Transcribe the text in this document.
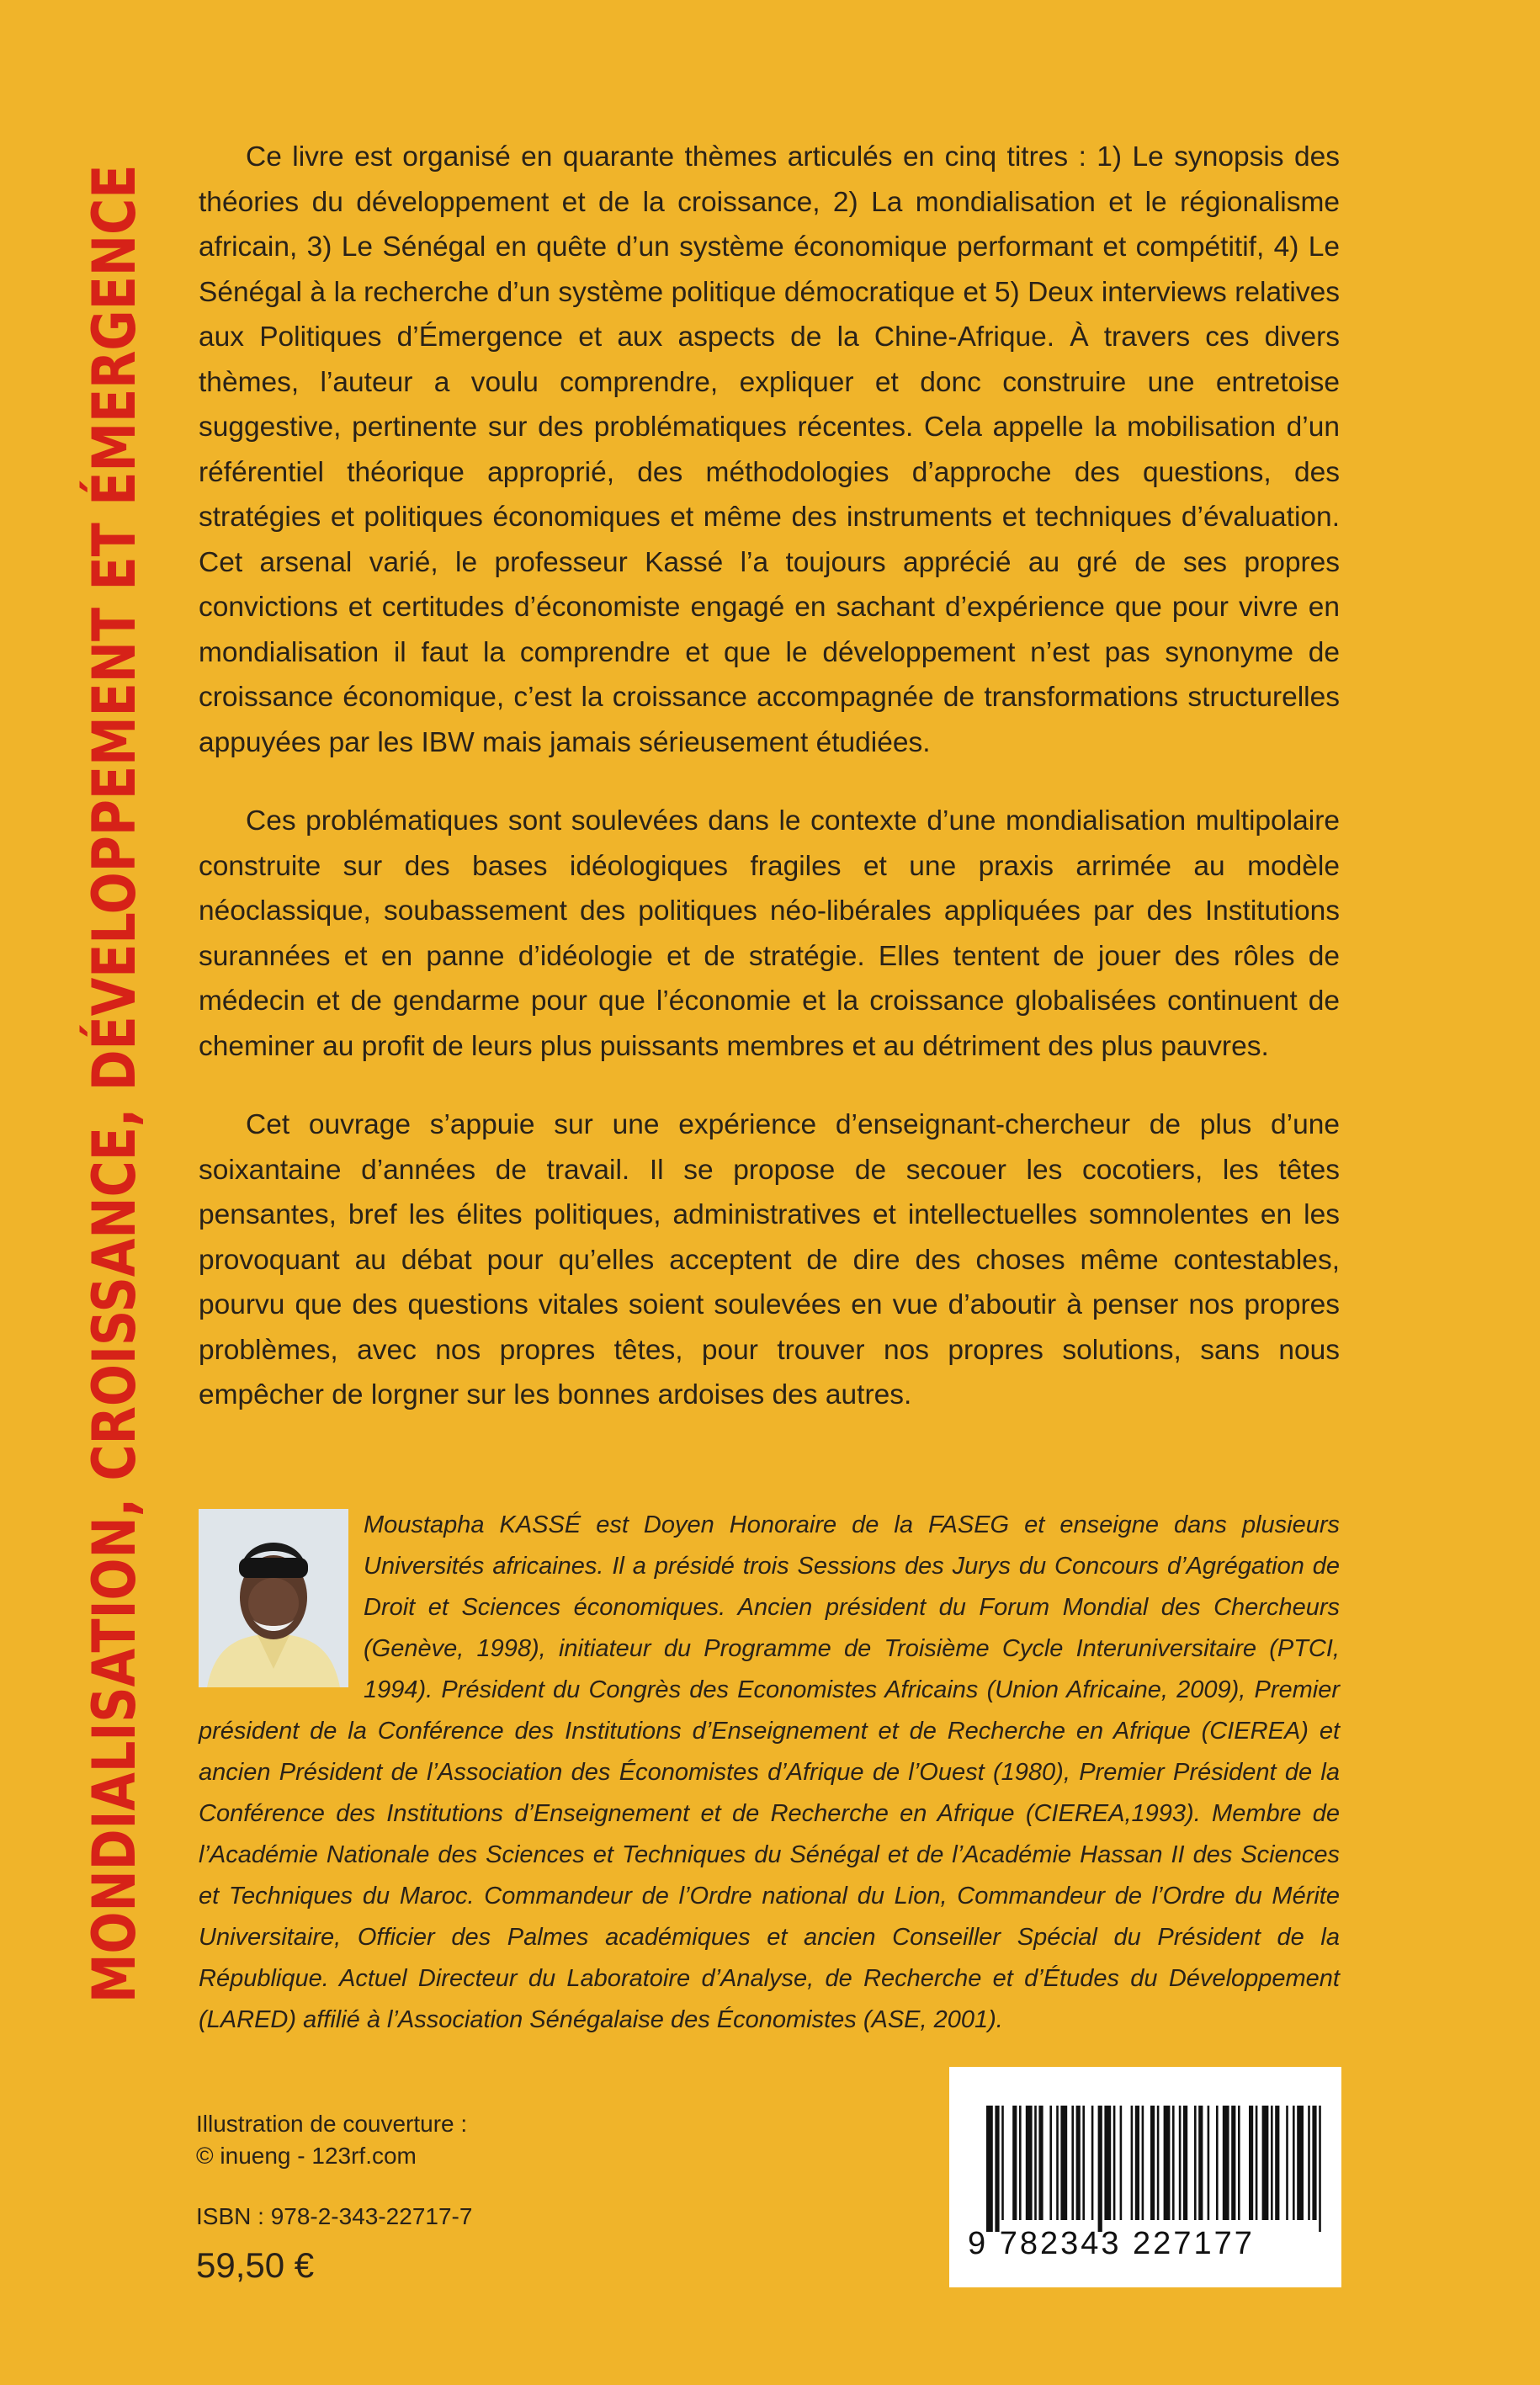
MONDIALISATION, CROISSANCE, DÉVELOPPEMENT ET ÉMERGENCE

Ce livre est organisé en quarante thèmes articulés en cinq titres : 1) Le synopsis des théories du développement et de la croissance, 2) La mondialisation et le régionalisme africain, 3) Le Sénégal en quête d’un système économique performant et compétitif, 4) Le Sénégal à la recherche d’un système politique démocratique et 5) Deux interviews relatives aux Politiques d’Émergence et aux aspects de la Chine-Afrique. À travers ces divers thèmes, l’auteur a voulu comprendre, expliquer et donc construire une entretoise suggestive, pertinente sur des problématiques récentes. Cela appelle la mobilisation d’un référentiel théorique approprié, des méthodologies d’approche des questions, des stratégies et politiques économiques et même des instruments et techniques d’évaluation. Cet arsenal varié, le professeur Kassé l’a toujours apprécié au gré de ses propres convictions et certitudes d’économiste engagé en sachant d’expérience que pour vivre en mondialisation il faut la comprendre et que le développement n’est pas synonyme de croissance économique, c’est la croissance accompagnée de transformations structurelles appuyées par les IBW mais jamais sérieusement étudiées.

Ces problématiques sont soulevées dans le contexte d’une mondialisation multipolaire construite sur des bases idéologiques fragiles et une praxis arrimée au modèle néoclassique, soubassement des politiques néo-libérales appliquées par des Institutions surannées et en panne d’idéologie et de stratégie. Elles tentent de jouer des rôles de médecin et de gendarme pour que l’économie et la croissance globalisées continuent de cheminer au profit de leurs plus puissants membres et au détriment des plus pauvres.

Cet ouvrage s’appuie sur une expérience d’enseignant-chercheur de plus d’une soixantaine d’années de travail. Il se propose de secouer les cocotiers, les têtes pensantes, bref les élites politiques, administratives et intellectuelles somnolentes en les provoquant au débat pour qu’elles acceptent de dire des choses même contestables, pourvu que des questions vitales soient soulevées en vue d’aboutir à penser nos propres problèmes, avec nos propres têtes, pour trouver nos propres solutions, sans nous empêcher de lorgner sur les bonnes ardoises des autres.

Moustapha KASSÉ est Doyen Honoraire de la FASEG et enseigne dans plusieurs Universités africaines. Il a présidé trois Sessions des Jurys du Concours d’Agrégation de Droit et Sciences économiques. Ancien président du Forum Mondial des Chercheurs (Genève, 1998), initiateur du Programme de Troisième Cycle Interuniversitaire (PTCI, 1994). Président du Congrès des Economistes Africains (Union Africaine, 2009), Premier président de la Conférence des Institutions d’Enseignement et de Recherche en Afrique (CIEREA) et ancien Président de l’Association des Économistes d’Afrique de l’Ouest (1980), Premier Président de la Conférence des Institutions d’Enseignement et de Recherche en Afrique (CIEREA,1993). Membre de l’Académie Nationale des Sciences et Techniques du Sénégal et de l’Académie Hassan II des Sciences et Techniques du Maroc. Commandeur de l’Ordre national du Lion, Commandeur de l’Ordre du Mérite Universitaire, Officier des Palmes académiques et ancien Conseiller Spécial du Président de la République. Actuel Directeur du Laboratoire d’Analyse, de Recherche et d’Études du Développement (LARED) affilié à l’Association Sénégalaise des Économistes (ASE, 2001).
Illustration de couverture :
© inueng - 123rf.com
ISBN : 978-2-343-22717-7
59,50 €
9 782343 227177
